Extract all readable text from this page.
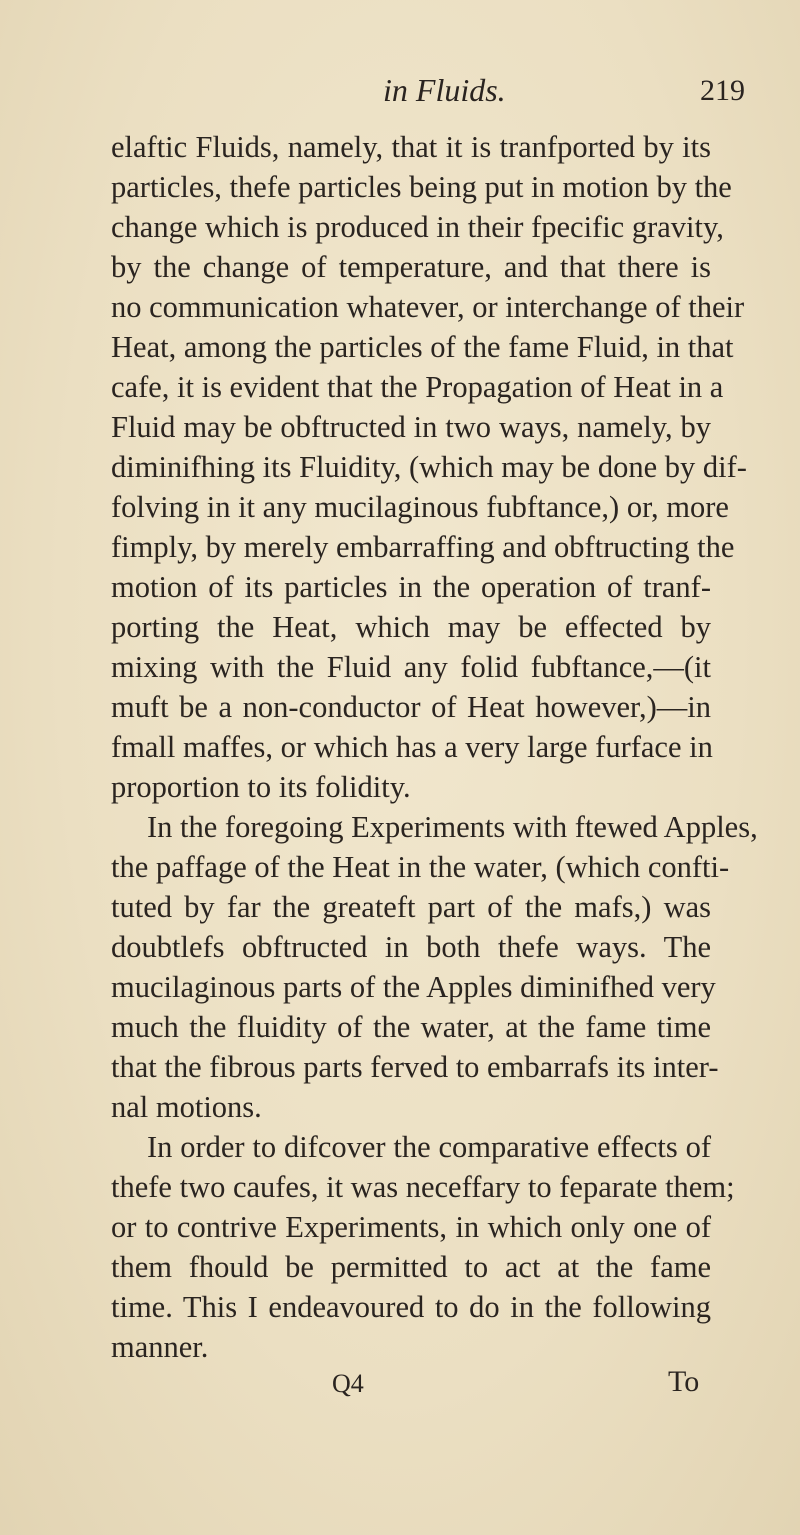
in Fluids.	219
elaftic Fluids, namely, that it is tranfported by its
particles, thefe particles being put in motion by the
change which is produced in their fpecific gravity,
by the change of temperature, and that there is
no communication whatever, or interchange of their
Heat, among the particles of the fame Fluid, in that
cafe, it is evident that the Propagation of Heat in a
Fluid may be obftructed in two ways, namely, by
diminifhing its Fluidity, (which may be done by dif-
folving in it any mucilaginous fubftance,) or, more
fimply, by merely embarraffing and obftructing the
motion of its particles in the operation of tranf-
porting the Heat, which may be effected by
mixing with the Fluid any folid fubftance,—(it
muft be a non-conductor of Heat however,)—in
fmall maffes, or which has a very large furface in
proportion to its folidity.
In the foregoing Experiments with ftewed Apples,
the paffage of the Heat in the water, (which confti-
tuted by far the greateft part of the mafs,) was
doubtlefs obftructed in both thefe ways. The
mucilaginous parts of the Apples diminifhed very
much the fluidity of the water, at the fame time
that the fibrous parts ferved to embarrafs its inter-
nal motions.
In order to difcover the comparative effects of
thefe two caufes, it was neceffary to feparate them;
or to contrive Experiments, in which only one of
them fhould be permitted to act at the fame
time. This I endeavoured to do in the following
manner.
Q4	To
